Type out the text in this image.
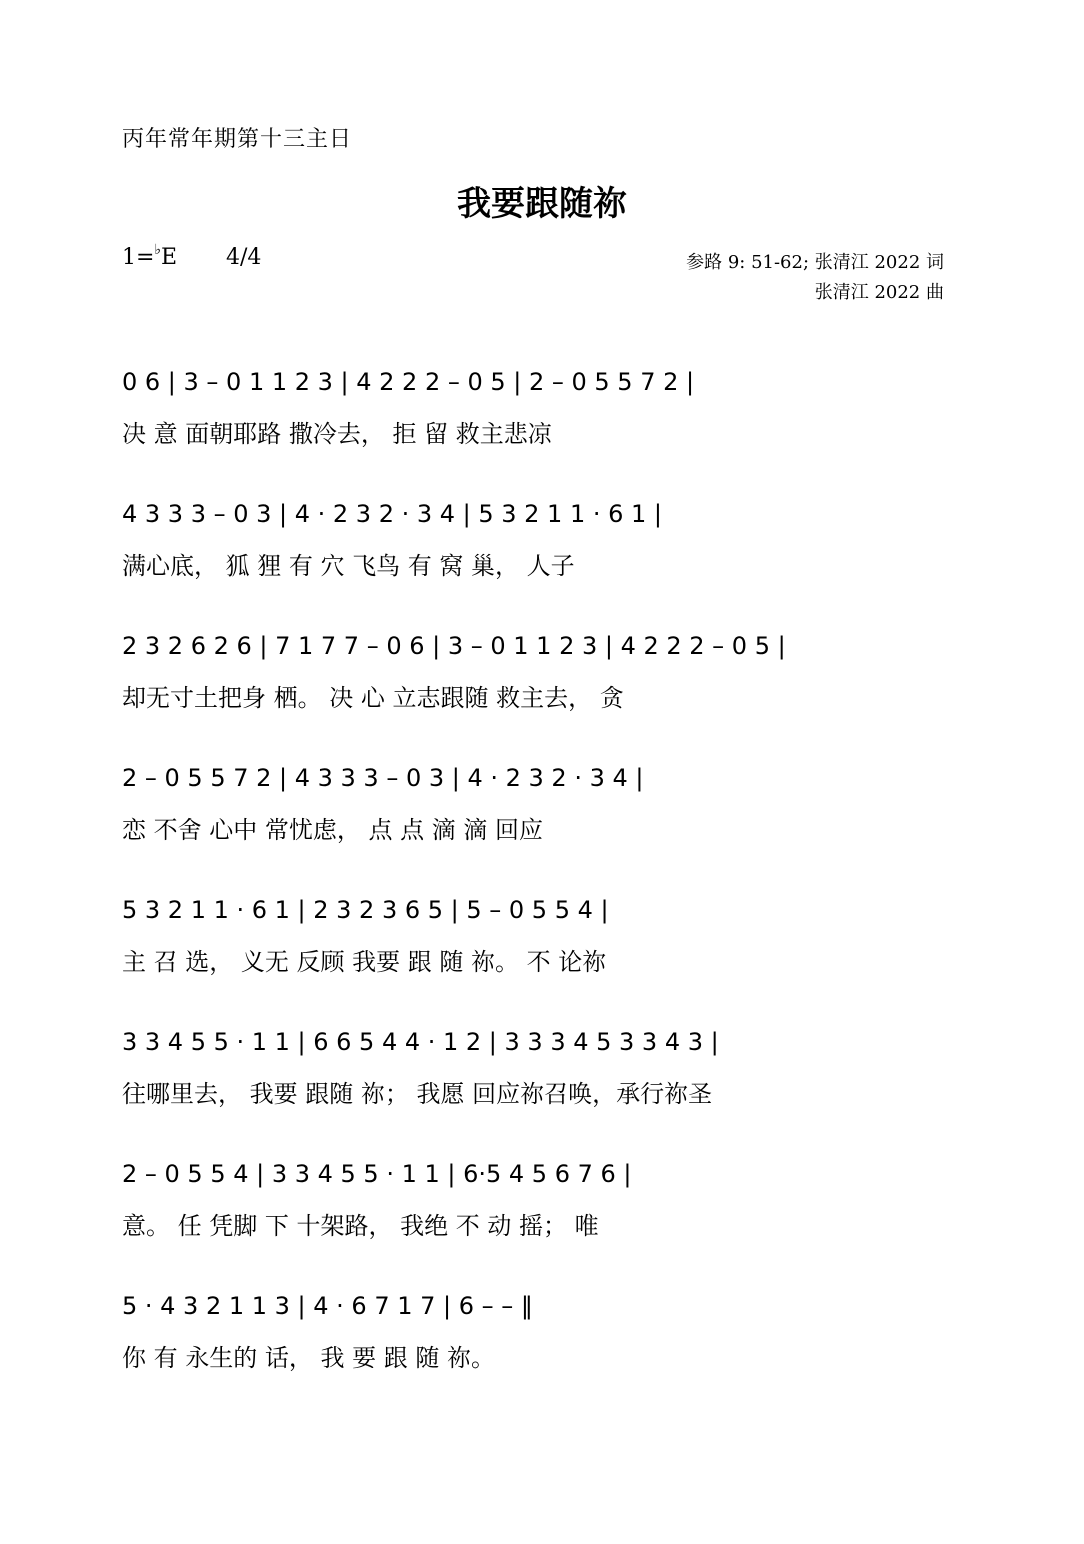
丙年常年期第十三主日
我要跟随祢
1=♭E 4/4	参路 9: 51-62; 张清江 2022 词
张清江 2022 曲
0 6 | 3 – 0 1 1 2 3 | 4 2 2 2 – 0 5 | 2 – 0 5 5 7 2 |
决 意 面朝耶路 撒冷去， 拒 留 救主悲凉
4 3 3 3 – 0 3 | 4 · 2 3 2 · 3 4 | 5 3 2 1 1 · 6 1 |
满心底， 狐 狸 有 穴 飞鸟 有 窝 巢， 人子
2 3 2 6 2 6 | 7 1 7 7 – 0 6 | 3 – 0 1 1 2 3 | 4 2 2 2 – 0 5 |
却无寸土把身 栖。 决 心 立志跟随 救主去， 贪
2 – 0 5 5 7 2 | 4 3 3 3 – 0 3 | 4 · 2 3 2 · 3 4 |
恋 不舍 心中 常忧虑， 点 点 滴 滴 回应
5 3 2 1 1 · 6 1 | 2 3 2 3 6 5 | 5 – 0 5 5 4 |
主 召 选， 义无 反顾 我要 跟 随 祢。 不 论祢
3 3 4 5 5 · 1 1 | 6 6 5 4 4 · 1 2 | 3 3 3 4 5 3 3 4 3 |
往哪里去， 我要 跟随 祢； 我愿 回应祢召唤，承行祢圣
2 – 0 5 5 4 | 3 3 4 5 5 · 1 1 | 6·5 4 5 6 7 6 |
意。 任 凭脚 下 十架路， 我绝 不 动 摇； 唯
5 · 4 3 2 1 1 3 | 4 · 6 7 1 7 | 6 – – ‖
你 有 永生的 话， 我 要 跟 随 祢。
